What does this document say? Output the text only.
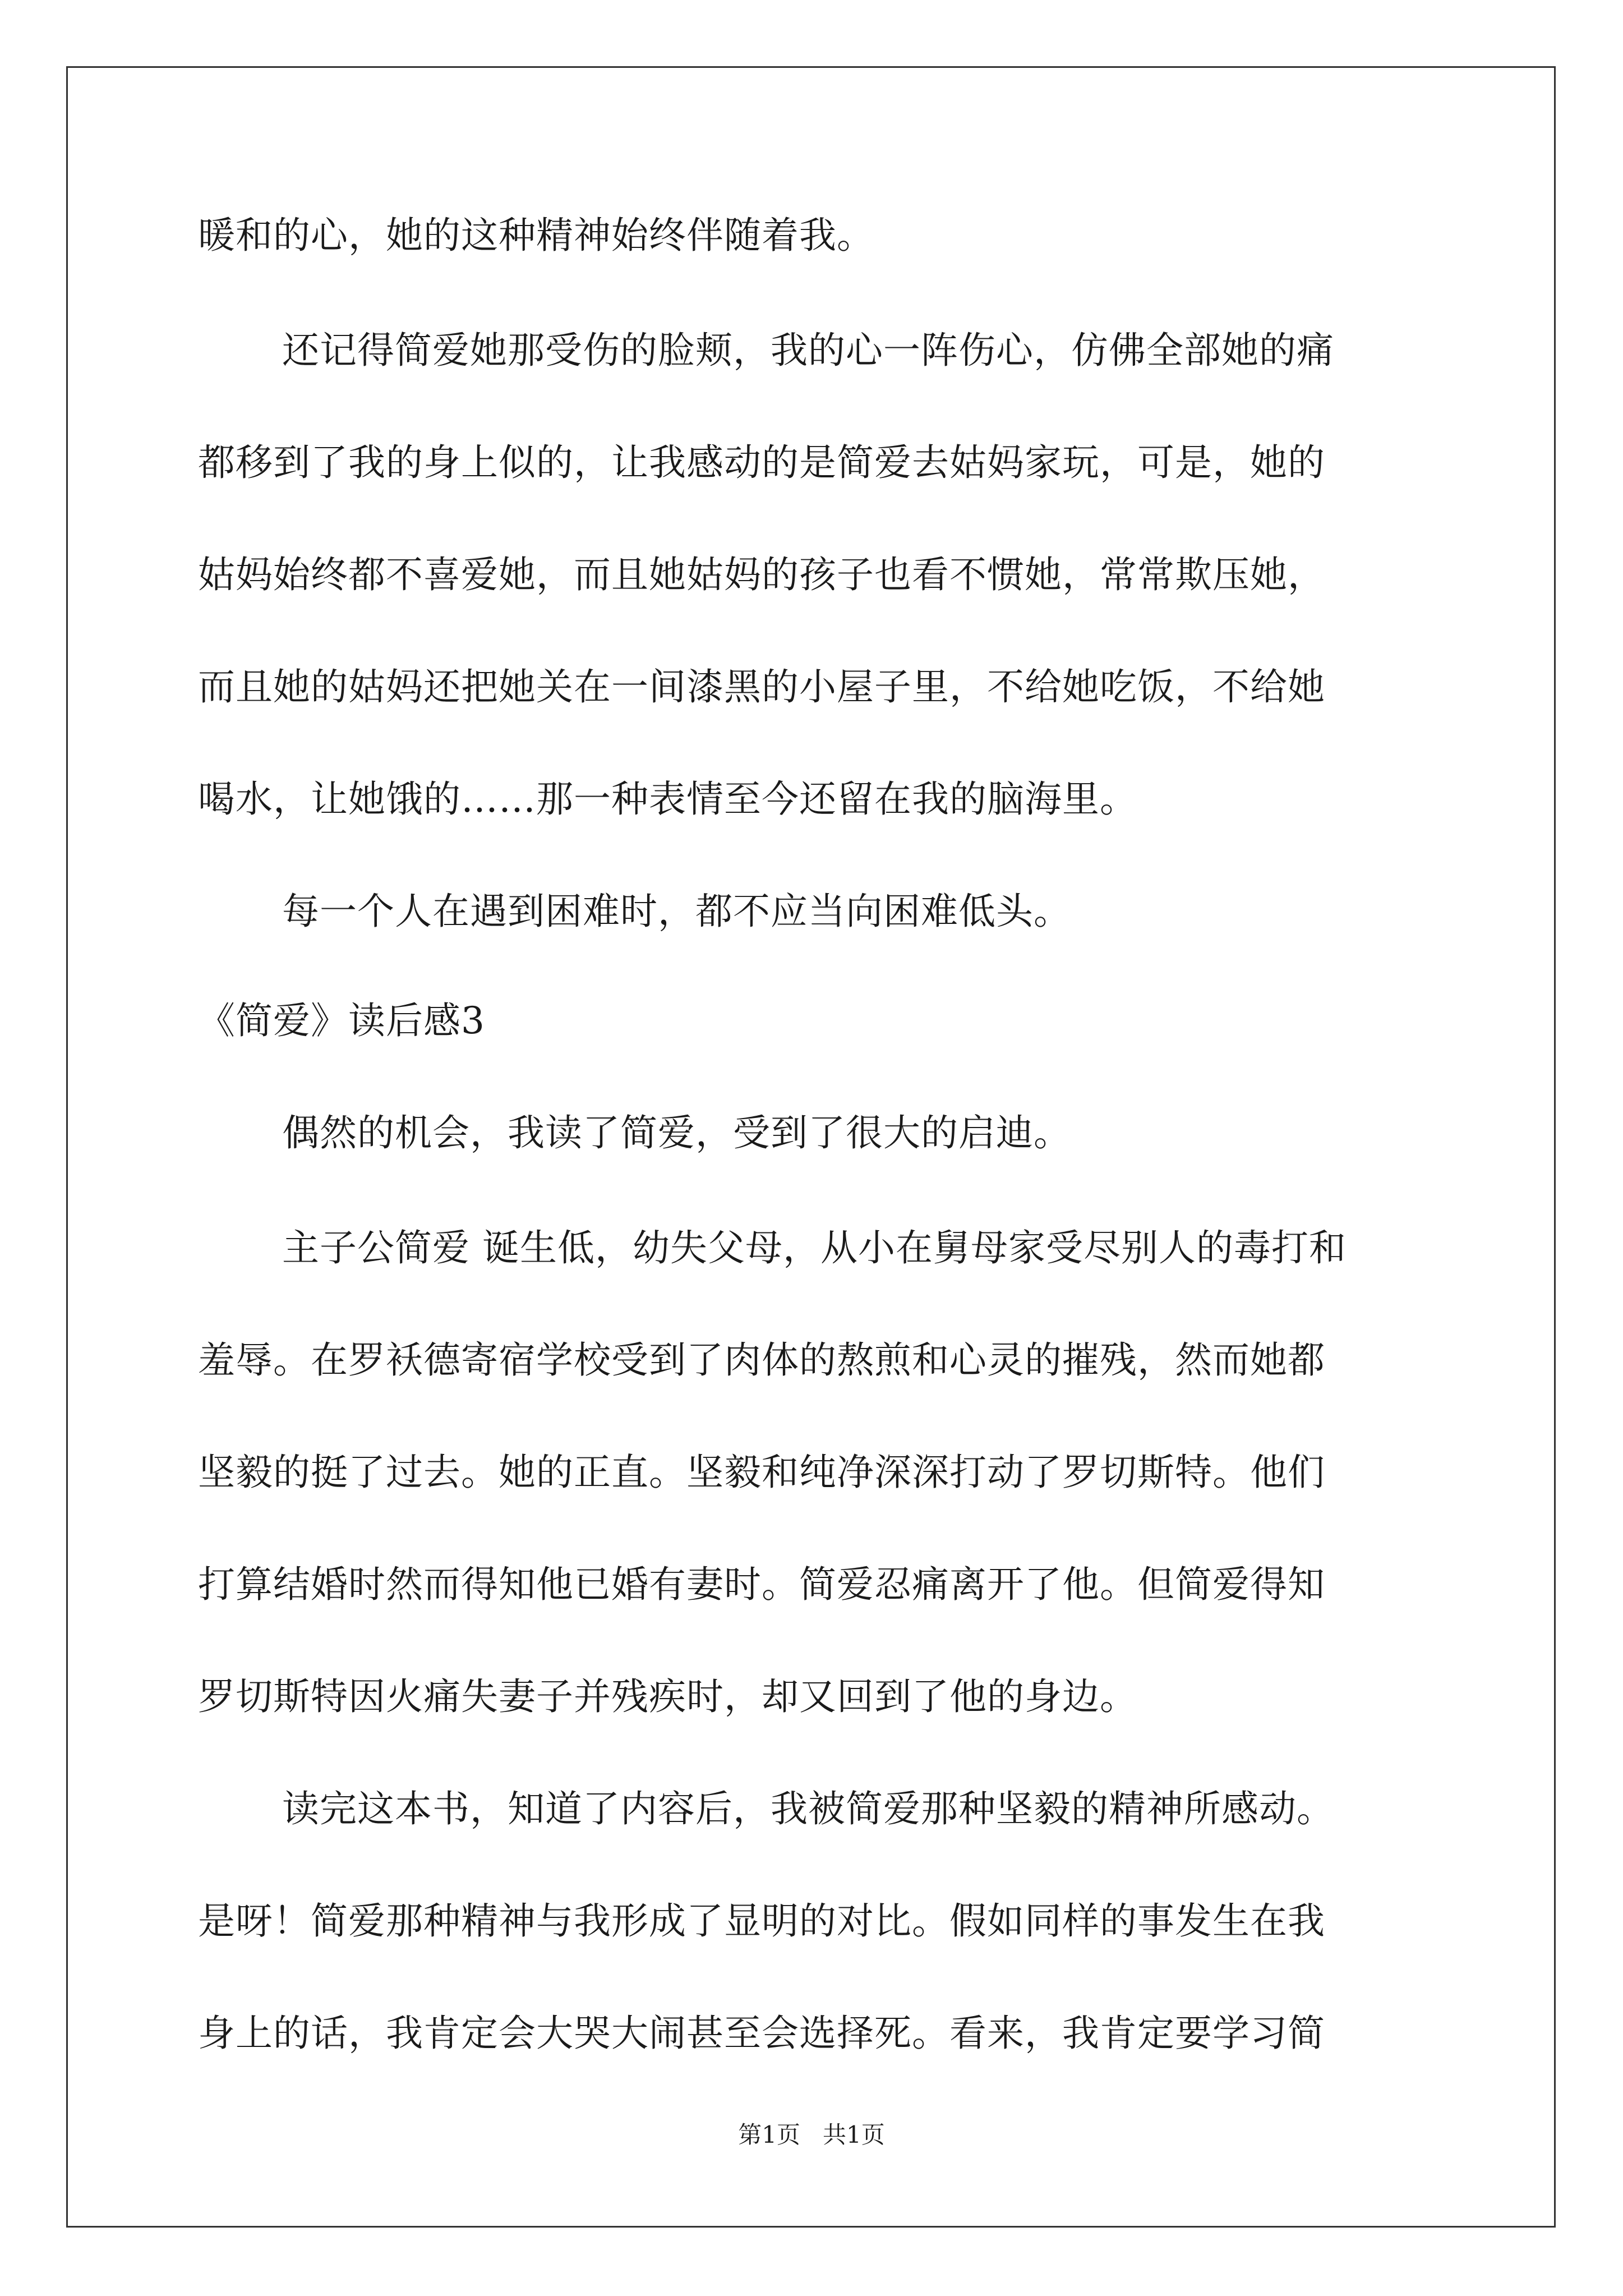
暖和的心，她的这种精神始终伴随着我。
还记得简爱她那受伤的脸颊，我的心一阵伤心，仿佛全部她的痛
都移到了我的身上似的，让我感动的是简爱去姑妈家玩，可是，她的
姑妈始终都不喜爱她，而且她姑妈的孩子也看不惯她，常常欺压她，
而且她的姑妈还把她关在一间漆黑的小屋子里，不给她吃饭，不给她
喝水，让她饿的……那一种表情至今还留在我的脑海里。
每一个人在遇到困难时，都不应当向困难低头。
《简爱》读后感3
偶然的机会，我读了简爱，受到了很大的启迪。
主子公简爱 诞生低，幼失父母，从小在舅母家受尽别人的毒打和
羞辱。在罗袄德寄宿学校受到了肉体的熬煎和心灵的摧残，然而她都
坚毅的挺了过去。她的正直。坚毅和纯净深深打动了罗切斯特。他们
打算结婚时然而得知他已婚有妻时。简爱忍痛离开了他。但简爱得知
罗切斯特因火痛失妻子并残疾时，却又回到了他的身边。
读完这本书，知道了内容后，我被简爱那种坚毅的精神所感动。
是呀！简爱那种精神与我形成了显明的对比。假如同样的事发生在我
身上的话，我肯定会大哭大闹甚至会选择死。看来，我肯定要学习简
第1页   共1页
